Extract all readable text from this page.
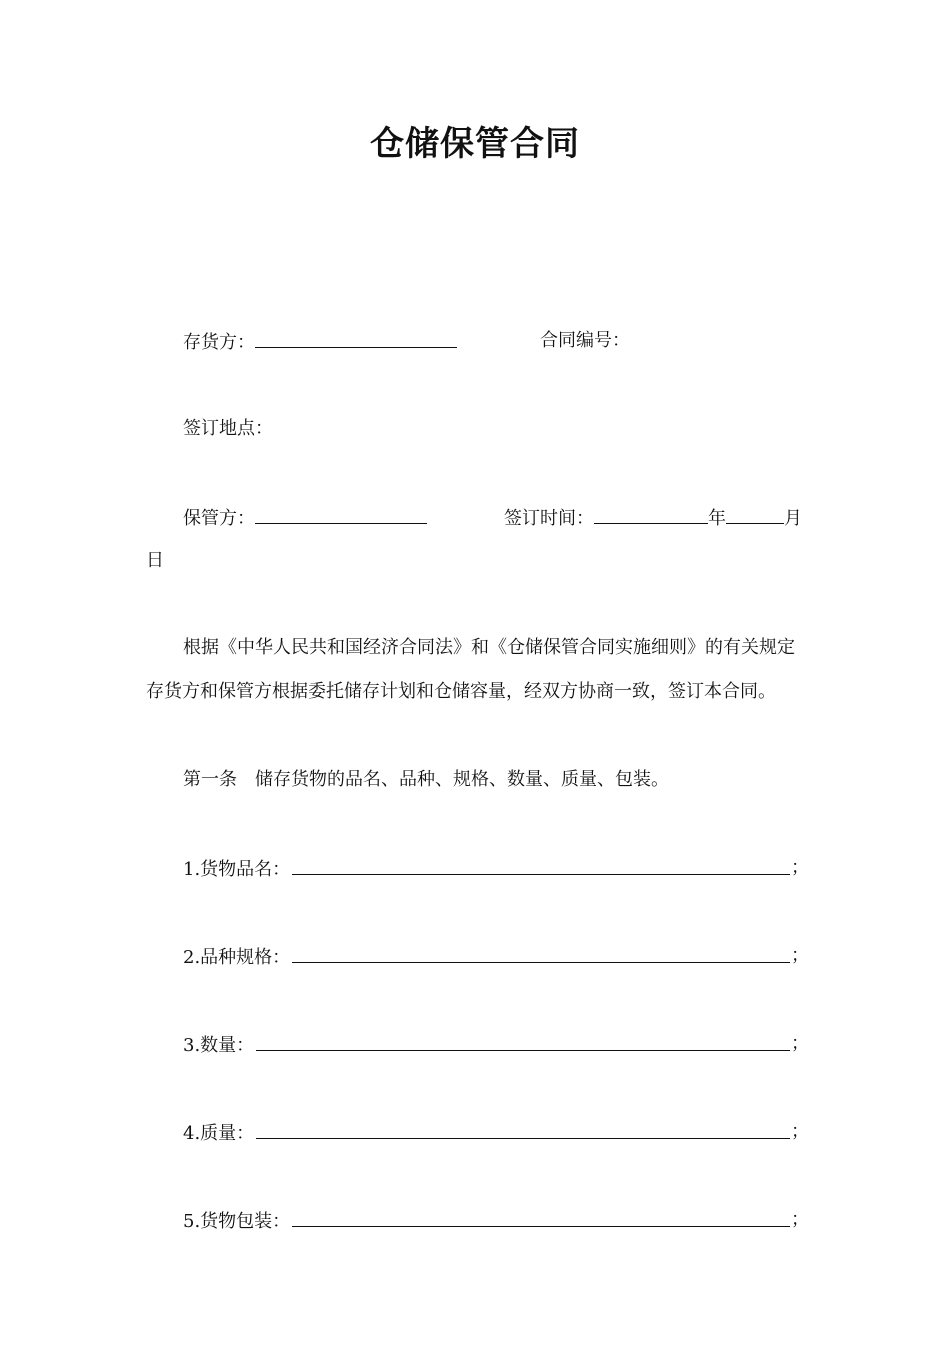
仓储保管合同
存货方：	合同编号：
签订地点：
保管方：	签订时间：	年	月
日
根据《中华人民共和国经济合同法》和《仓储保管合同实施细则》的有关规定存货方和保管方根据委托储存计划和仓储容量，经双方协商一致，签订本合同。
第一条　储存货物的品名、品种、规格、数量、质量、包装。
1.货物品名：	；
2.品种规格：	；
3.数量：	；
4.质量：	；
5.货物包装：	；
